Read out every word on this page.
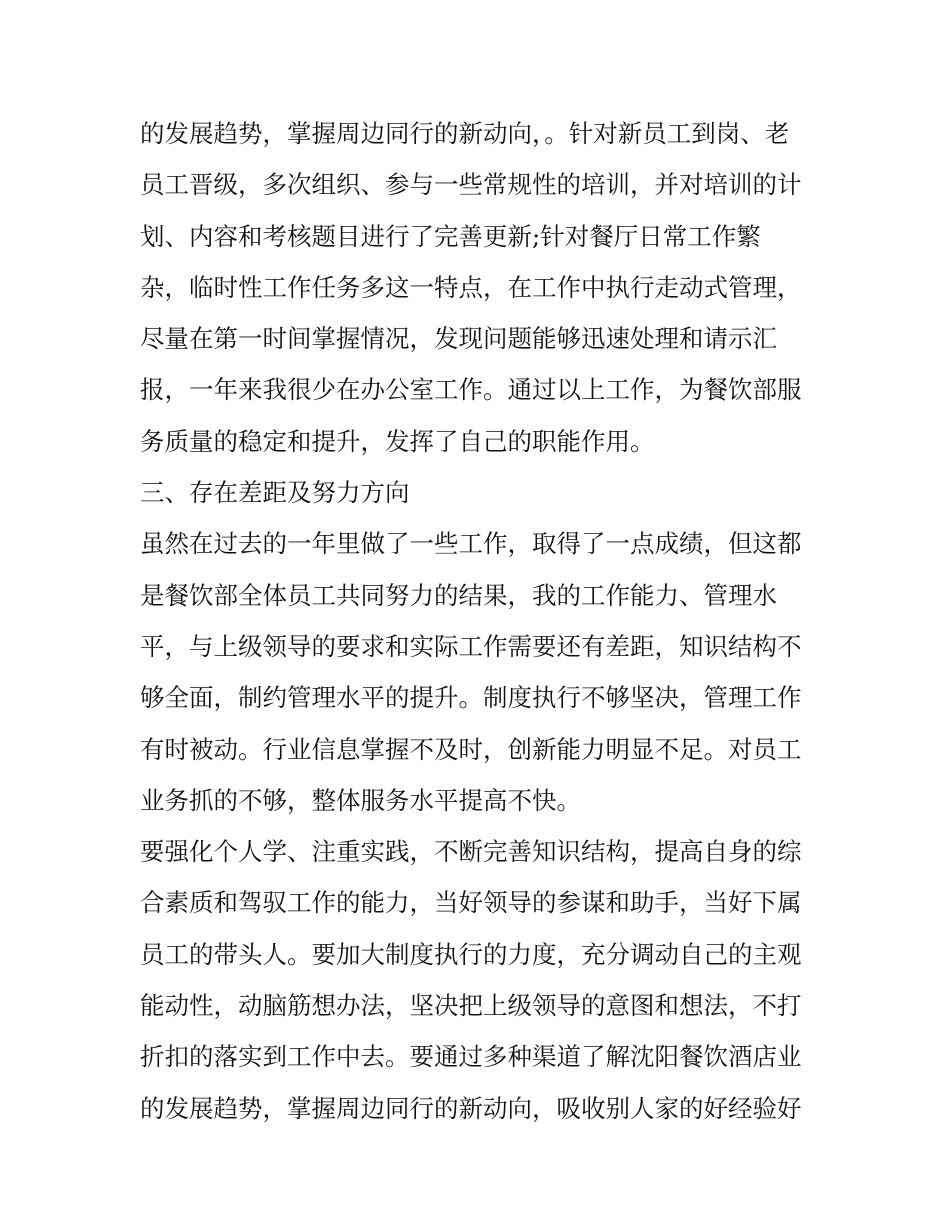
的发展趋势，掌握周边同行的新动向，。针对新员工到岗、老
员工晋级，多次组织、参与一些常规性的培训，并对培训的计
划、内容和考核题目进行了完善更新;针对餐厅日常工作繁
杂，临时性工作任务多这一特点，在工作中执行走动式管理，
尽量在第一时间掌握情况，发现问题能够迅速处理和请示汇
报，一年来我很少在办公室工作。通过以上工作，为餐饮部服
务质量的稳定和提升，发挥了自己的职能作用。
三、存在差距及努力方向
虽然在过去的一年里做了一些工作，取得了一点成绩，但这都
是餐饮部全体员工共同努力的结果，我的工作能力、管理水
平，与上级领导的要求和实际工作需要还有差距，知识结构不
够全面，制约管理水平的提升。制度执行不够坚决，管理工作
有时被动。行业信息掌握不及时，创新能力明显不足。对员工
业务抓的不够，整体服务水平提高不快。
要强化个人学、注重实践，不断完善知识结构，提高自身的综
合素质和驾驭工作的能力，当好领导的参谋和助手，当好下属
员工的带头人。要加大制度执行的力度，充分调动自己的主观
能动性，动脑筋想办法，坚决把上级领导的意图和想法，不打
折扣的落实到工作中去。要通过多种渠道了解沈阳餐饮酒店业
的发展趋势，掌握周边同行的新动向，吸收别人家的好经验好
